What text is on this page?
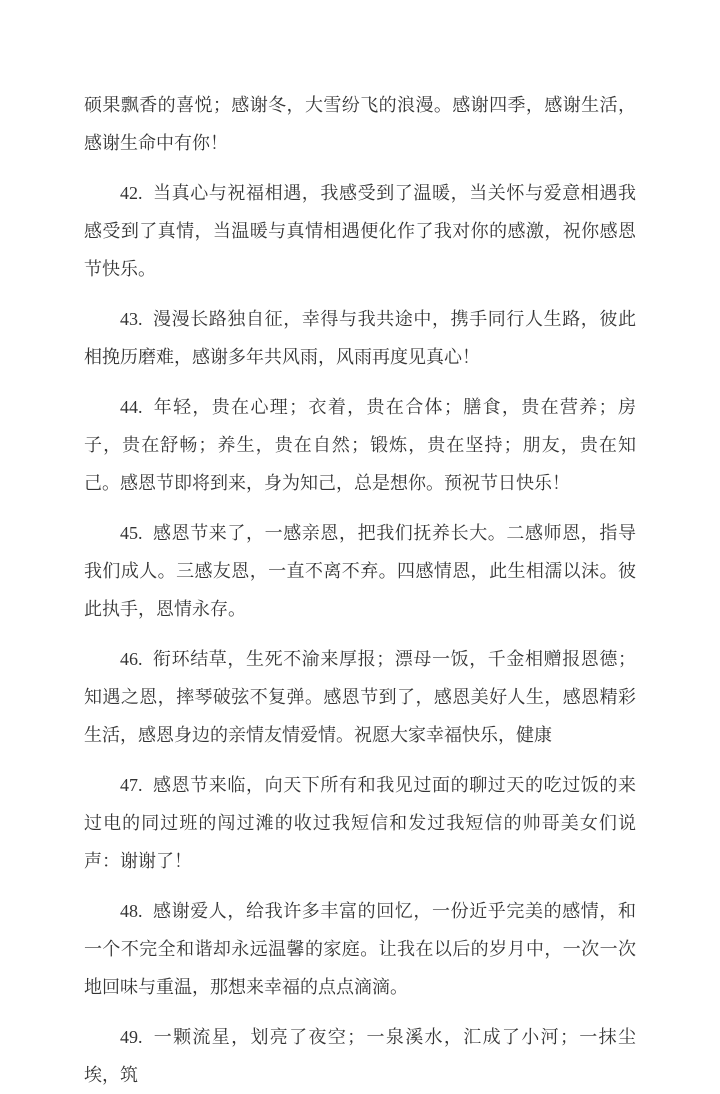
硕果飘香的喜悦；感谢冬，大雪纷飞的浪漫。感谢四季，感谢生活，感谢生命中有你！

42. 当真心与祝福相遇，我感受到了温暖，当关怀与爱意相遇我感受到了真情，当温暖与真情相遇便化作了我对你的感激，祝你感恩节快乐。

43. 漫漫长路独自征，幸得与我共途中，携手同行人生路，彼此相挽历磨难，感谢多年共风雨，风雨再度见真心！

44. 年轻，贵在心理；衣着，贵在合体；膳食，贵在营养；房子，贵在舒畅；养生，贵在自然；锻炼，贵在坚持；朋友，贵在知己。感恩节即将到来，身为知己，总是想你。预祝节日快乐！

45. 感恩节来了，一感亲恩，把我们抚养长大。二感师恩，指导我们成人。三感友恩，一直不离不弃。四感情恩，此生相濡以沫。彼此执手，恩情永存。

46. 衔环结草，生死不渝来厚报；漂母一饭，千金相赠报恩德；知遇之恩，摔琴破弦不复弹。感恩节到了，感恩美好人生，感恩精彩生活，感恩身边的亲情友情爱情。祝愿大家幸福快乐，健康

47. 感恩节来临，向天下所有和我见过面的聊过天的吃过饭的来过电的同过班的闯过滩的收过我短信和发过我短信的帅哥美女们说声：谢谢了！

48. 感谢爱人，给我许多丰富的回忆，一份近乎完美的感情，和一个不完全和谐却永远温馨的家庭。让我在以后的岁月中，一次一次地回味与重温，那想来幸福的点点滴滴。

49. 一颗流星，划亮了夜空；一泉溪水，汇成了小河；一抹尘埃，筑
